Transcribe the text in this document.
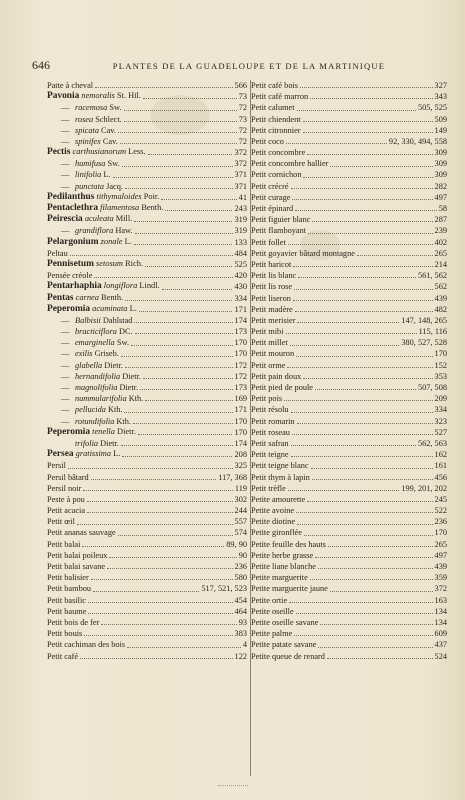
646	PLANTES DE LA GUADELOUPE ET DE LA MARTINIQUE
Patte à cheval	566
Pavonia nemoralis St. Hil.	73
— racemosa Sw.	72
— rosea Schlect.	73
— spicata Cav.	72
— spinifex Cav.	72
Pectis carthusianorum Less.	372
— humifusa Sw.	372
— linifolia L.	371
— punctata Jacq.	371
Pedilanthus tithymaloides Poir.	41
Pentaclethra filamentosa Benth.	243
Peirescia aculeata Mill.	319
— grandiflora Haw.	319
Pelargonium zonale L.	133
Peltau	484
Pennisetum setosum Rich.	525
Pensée créole	420
Pentarhaphia longiflora Lindl.	430
Pentas carnea Benth.	334
Peperomia acuminata L.	171
— Balbisii Dahlstad	174
— bracticiflora DC.	173
— emarginella Sw.	170
— exilis Griseb.	170
— glabella Dietr.	172
— hernandifolia Dietr.	172
— magnolifolia Dietr.	173
— nummularifolia Kth.	169
— pellucida Kth.	171
— rotundifolia Kth.	170
Peperomia tenella Dietr.	170
trifolia Dietr.	174
Persea gratissima L.	208
Persil	325
Persil bâtard	117, 368
Persil noir	119
Peste à pou	302
Petit acacia	244
Petit œil	557
Petit ananas sauvage	574
Petit balai	89, 90
Petit balai poilеux	90
Petit balai savane	236
Petit balisier	580
Petit bambou	517, 521, 523
Petit basilic	454
Petit baume	464
Petit bois de fer	93
Petit bouis	383
Petit cachiman des bois	4
Petit café	122
Petit café bois	327
Petit café marron	343
Petit calumet	505, 525
Petit chiendent	509
Petit citronnier	149
Petit coco	92, 330, 494, 558
Petit concombre	309
Petit concombre hallier	309
Petit cornichon	309
Petit crécré	282
Petit curage	497
Petit épinard	58
Petit figuier blanc	287
Petit flamboyant	239
Petit follet	402
Petit goyavier bâtard montagne	265
Petit haricot	214
Petit lis blanc	561, 562
Petit lis rose	562
Petit liseron	439
Petit madère	482
Petit merisier	147, 148, 265
Petit mibi	115, 116
Petit millet	380, 527, 528
Petit mouron	170
Petit orme	152
Petit pain doux	353
Petit pied de poule	507, 508
Petit pois	209
Petit résolu	334
Petit romarin	323
Petit roseau	527
Petit safran	562, 563
Petit teigne	162
Petit teigne blanc	161
Petit thym à lapin	456
Petit trèfle	199, 201, 202
Petite amourette	245
Petite avoine	522
Petite diotine	236
Petite gironflée	170
Petite feuille des hauts	265
Petite herbe grasse	497
Petite liane blanche	439
Petite marguerite	359
Petite marguerite jaune	372
Petite ortie	163
Petite oseille	134
Petite oseille savane	134
Petite palme	609
Petite patate savane	437
Petite queue de renard	524
